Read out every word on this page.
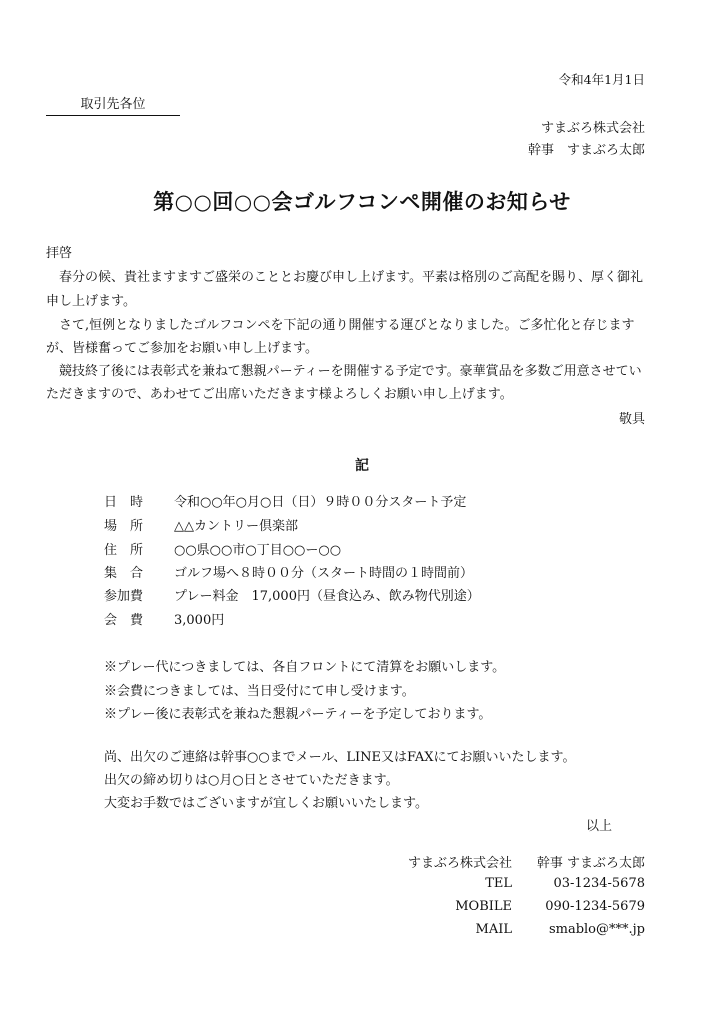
令和4年1月1日
取引先各位
すまぶろ株式会社
幹事　すまぶろ太郎
第○○回○○会ゴルフコンペ開催のお知らせ
拝啓
　春分の候、貴社ますますご盛栄のこととお慶び申し上げます。平素は格別のご高配を賜り、厚く御礼
申し上げます。
　さて,恒例となりましたゴルフコンペを下記の通り開催する運びとなりました。ご多忙化と存じます
が、皆様奮ってご参加をお願い申し上げます。
　競技終了後には表彰式を兼ねて懇親パーティーを開催する予定です。豪華賞品を多数ご用意させてい
ただきますので、あわせてご出席いただきます様よろしくお願い申し上げます。
敬具
記
日　時	令和○○年○月○日（日）９時００分スタート予定
場　所	△△カントリー倶楽部
住　所	○○県○○市○丁目○○ー○○
集　合	ゴルフ場へ８時００分（スタート時間の１時間前）
参加費	プレー料金　17,000円（昼食込み、飲み物代別途）
会　費	3,000円
※プレー代につきましては、各自フロントにて清算をお願いします。
※会費につきましては、当日受付にて申し受けます。
※プレー後に表彰式を兼ねた懇親パーティーを予定しております。
尚、出欠のご連絡は幹事○○までメール、LINE又はFAXにてお願いいたします。
出欠の締め切りは○月○日とさせていただきます。
大変お手数ではございますが宜しくお願いいたします。
以上
すまぶろ株式会社 幹事 すまぶろ太郎
TEL	03-1234-5678
MOBILE	090-1234-5679
MAIL	smablo@***.jp
